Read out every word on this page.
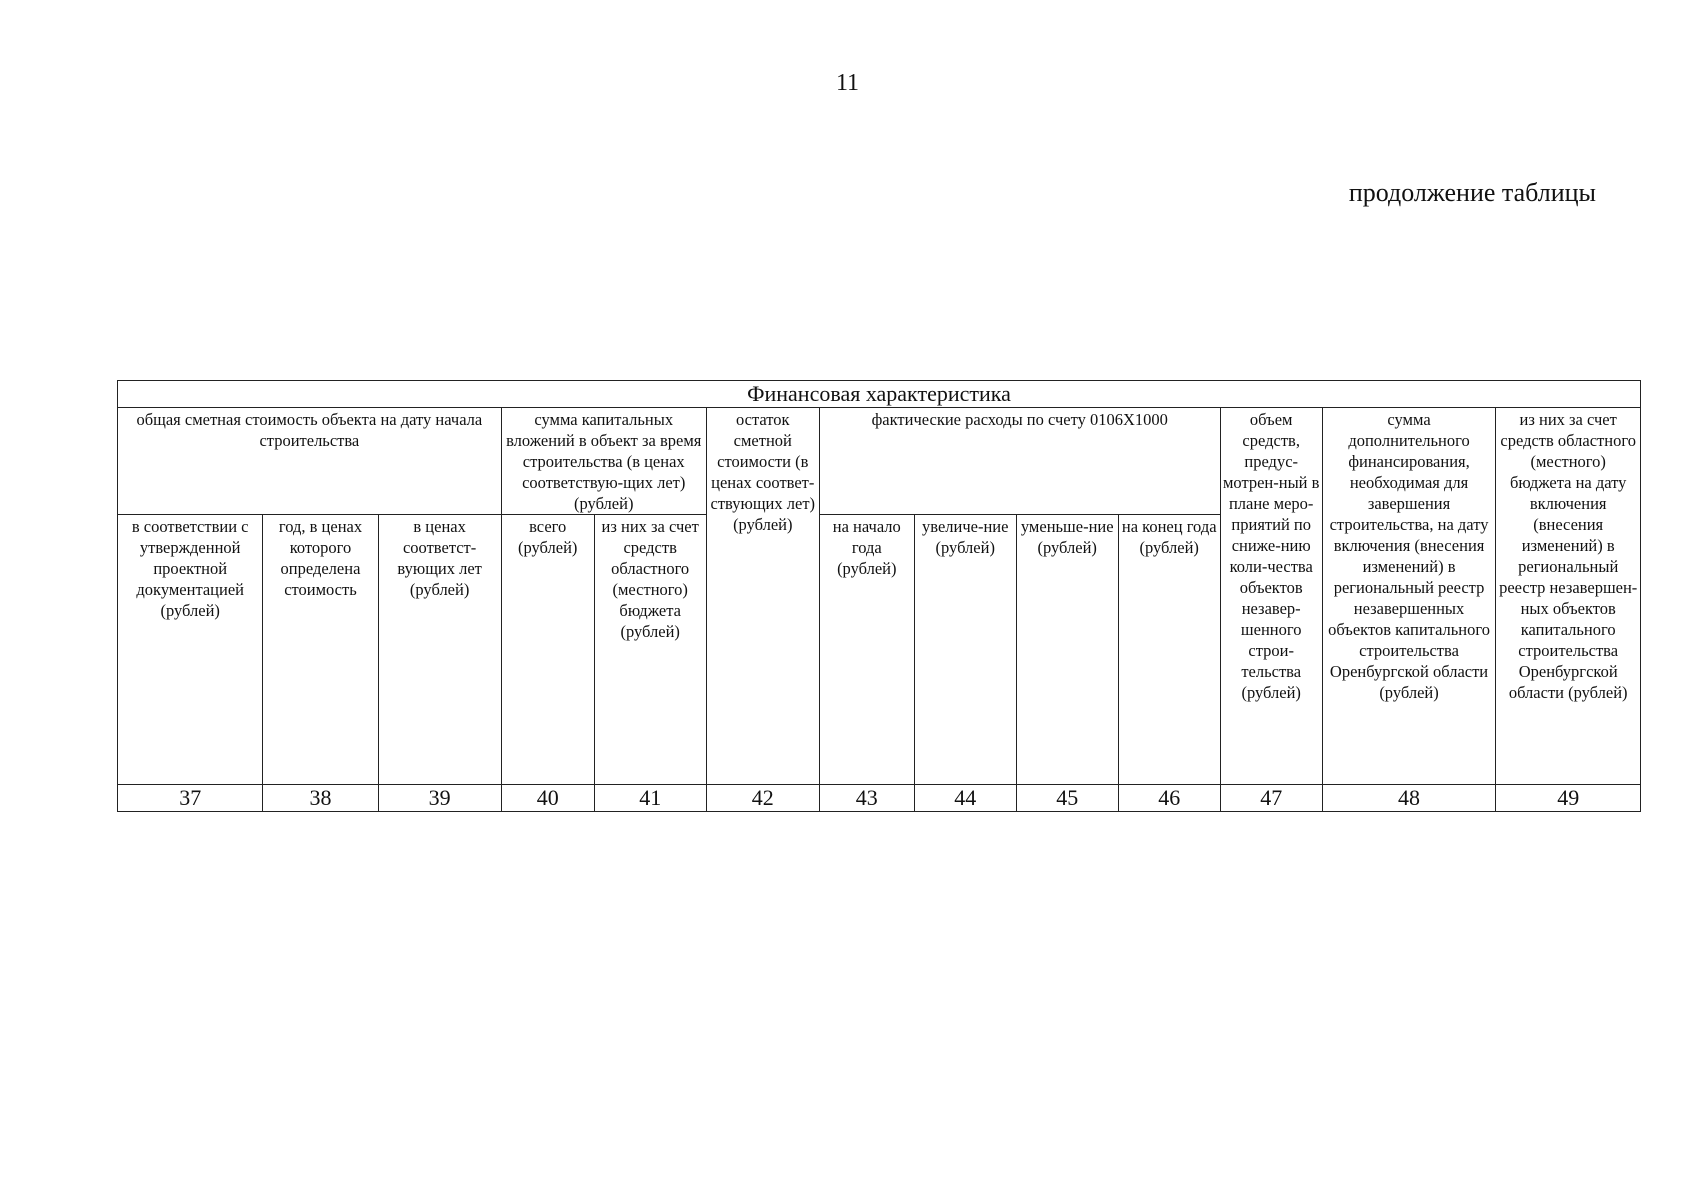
11
продолжение таблицы
Финансовая характеристика												
общая сметная стоимость объекта на дату начала строительства			сумма капитальных вложений в объект за время строительства (в ценах соответствую-щих лет) (рублей)		остаток сметной стоимости (в ценах соответ-ствующих лет) (рублей)	фактические расходы по счету 0106Х1000				объем средств, предус-мотрен-ный в плане меро-приятий по сниже-нию коли-чества объектов незавер-шенного строи-тельства (рублей)	сумма дополнительного финансирования, необходимая для завершения строительства, на дату включения (внесения изменений) в региональный реестр незавершенных объектов капитального строительства Оренбургской области (рублей)	из них за счет средств областного (местного) бюджета на дату включения (внесения изменений) в региональный реестр незавершен-ных объектов капитального строительства Оренбургской области (рублей)
в соответствии с утвержденной проектной документацией (рублей)	год, в ценах которого определена стоимость	в ценах соответст-вующих лет (рублей)	всего (рублей)	из них за счет средств областного (местного) бюджета (рублей)		на начало года (рублей)	увеличе-ние (рублей)	уменьше-ние (рублей)	на конец года (рублей)			
37	38	39	40	41	42	43	44	45	46	47	48	49
